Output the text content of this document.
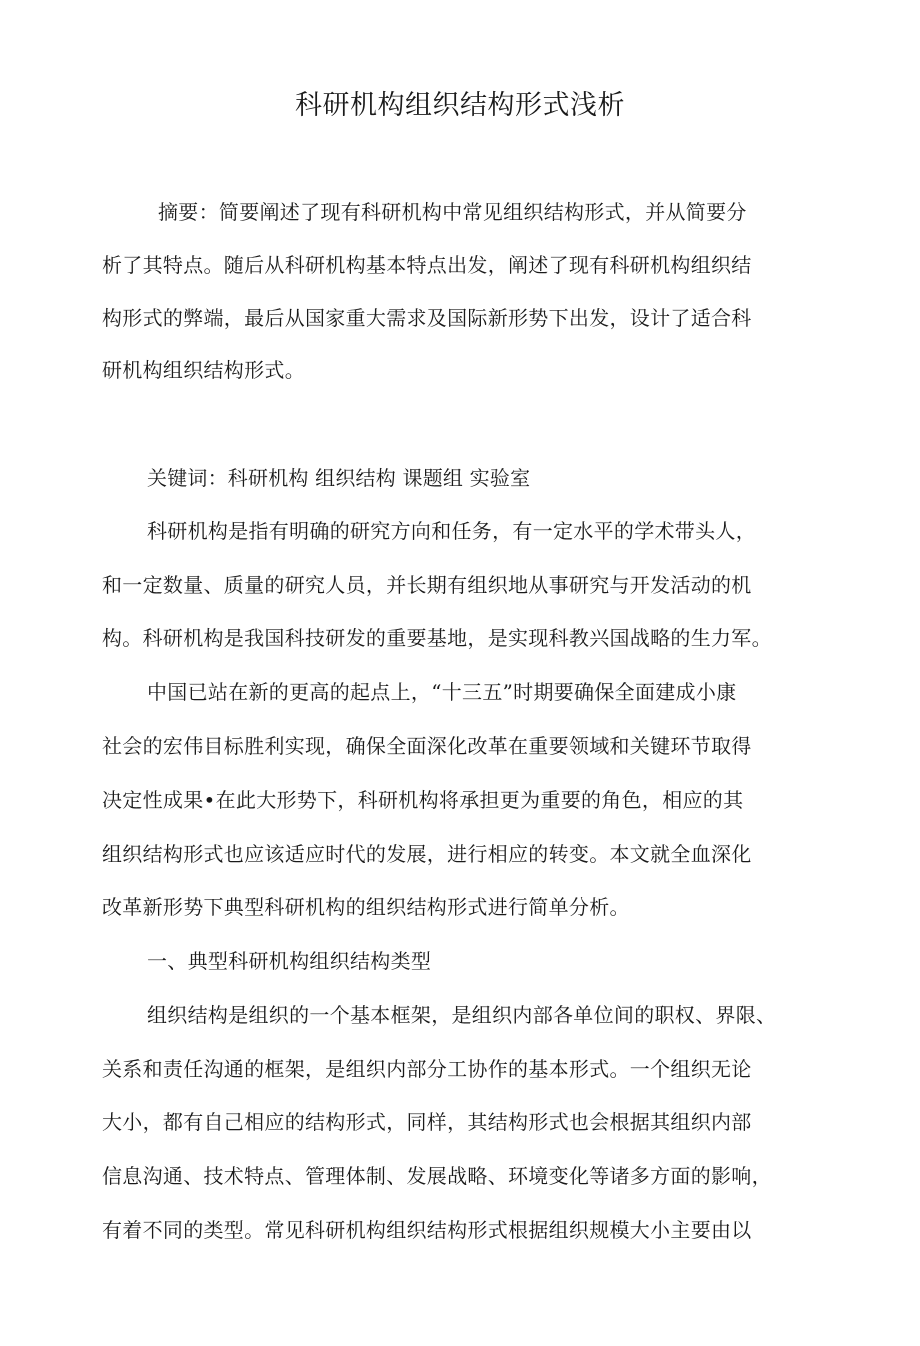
科研机构组织结构形式浅析
摘要：简要阐述了现有科研机构中常见组织结构形式，并从简要分
析了其特点。随后从科研机构基本特点出发，阐述了现有科研机构组织结
构形式的弊端，最后从国家重大需求及国际新形势下出发，设计了适合科
研机构组织结构形式。
关键词：科研机构 组织结构 课题组 实验室
科研机构是指有明确的研究方向和任务，有一定水平的学术带头人，
和一定数量、质量的研究人员，并长期有组织地从事研究与开发活动的机
构。科研机构是我国科技研发的重要基地，是实现科教兴国战略的生力军。
中国已站在新的更高的起点上，“十三五”时期要确保全面建成小康
社会的宏伟目标胜利实现，确保全面深化改革在重要领域和关键环节取得
决定性成果•在此大形势下，科研机构将承担更为重要的角色，相应的其
组织结构形式也应该适应时代的发展，进行相应的转变。本文就全血深化
改革新形势下典型科研机构的组织结构形式进行简单分析。
一、典型科研机构组织结构类型
组织结构是组织的一个基本框架，是组织内部各单位间的职权、界限、
关系和责任沟通的框架，是组织内部分工协作的基本形式。一个组织无论
大小，都有自己相应的结构形式，同样，其结构形式也会根据其组织内部
信息沟通、技术特点、管理体制、发展战略、环境变化等诸多方面的影响，
有着不同的类型。常见科研机构组织结构形式根据组织规模大小主要由以
